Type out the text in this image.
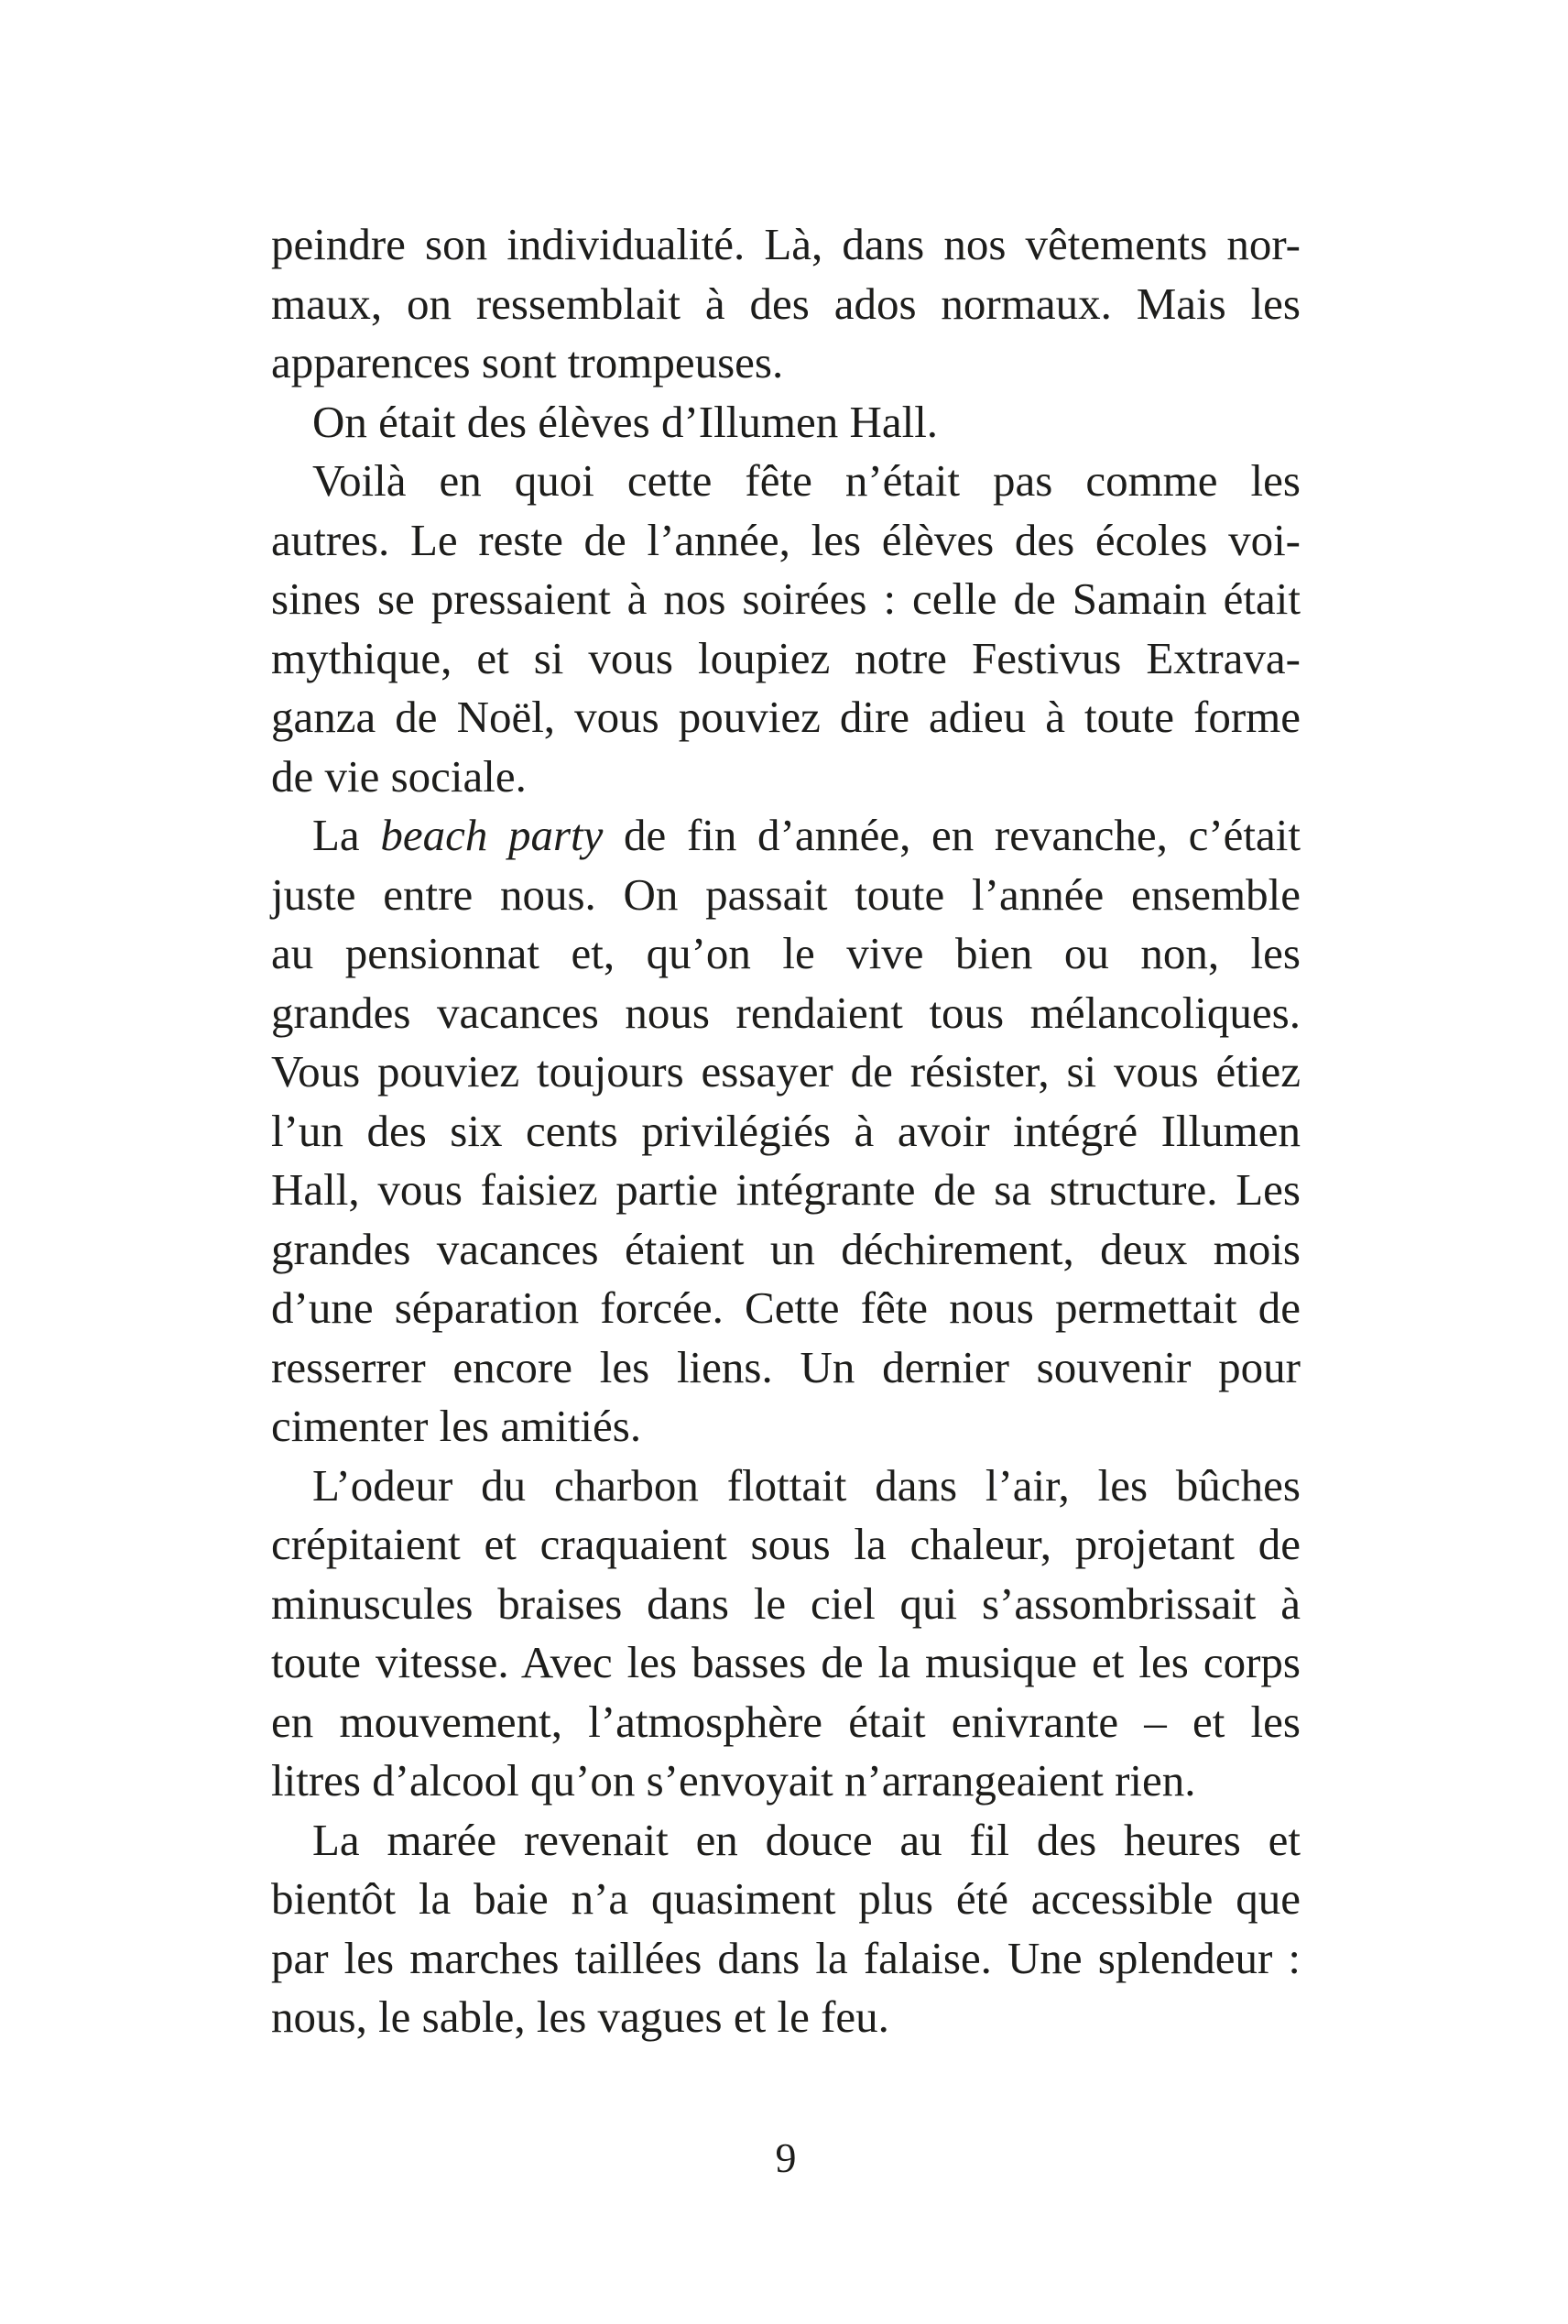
peindre son individualité. Là, dans nos vêtements nor-
maux, on ressemblait à des ados normaux. Mais les
apparences sont trompeuses.
On était des élèves d’Illumen Hall.
Voilà en quoi cette fête n’était pas comme les
autres. Le reste de l’année, les élèves des écoles voi-
sines se pressaient à nos soirées : celle de Samain était
mythique, et si vous loupiez notre Festivus Extrava-
ganza de Noël, vous pouviez dire adieu à toute forme
de vie sociale.
La beach party de fin d’année, en revanche, c’était
juste entre nous. On passait toute l’année ensemble
au pensionnat et, qu’on le vive bien ou non, les
grandes vacances nous rendaient tous mélancoliques.
Vous pouviez toujours essayer de résister, si vous étiez
l’un des six cents privilégiés à avoir intégré Illumen
Hall, vous faisiez partie intégrante de sa structure. Les
grandes vacances étaient un déchirement, deux mois
d’une séparation forcée. Cette fête nous permettait de
resserrer encore les liens. Un dernier souvenir pour
cimenter les amitiés.
L’odeur du charbon flottait dans l’air, les bûches
crépitaient et craquaient sous la chaleur, projetant de
minuscules braises dans le ciel qui s’assombrissait à
toute vitesse. Avec les basses de la musique et les corps
en mouvement, l’atmosphère était enivrante – et les
litres d’alcool qu’on s’envoyait n’arrangeaient rien.
La marée revenait en douce au fil des heures et
bientôt la baie n’a quasiment plus été accessible que
par les marches taillées dans la falaise. Une splendeur :
nous, le sable, les vagues et le feu.
9
